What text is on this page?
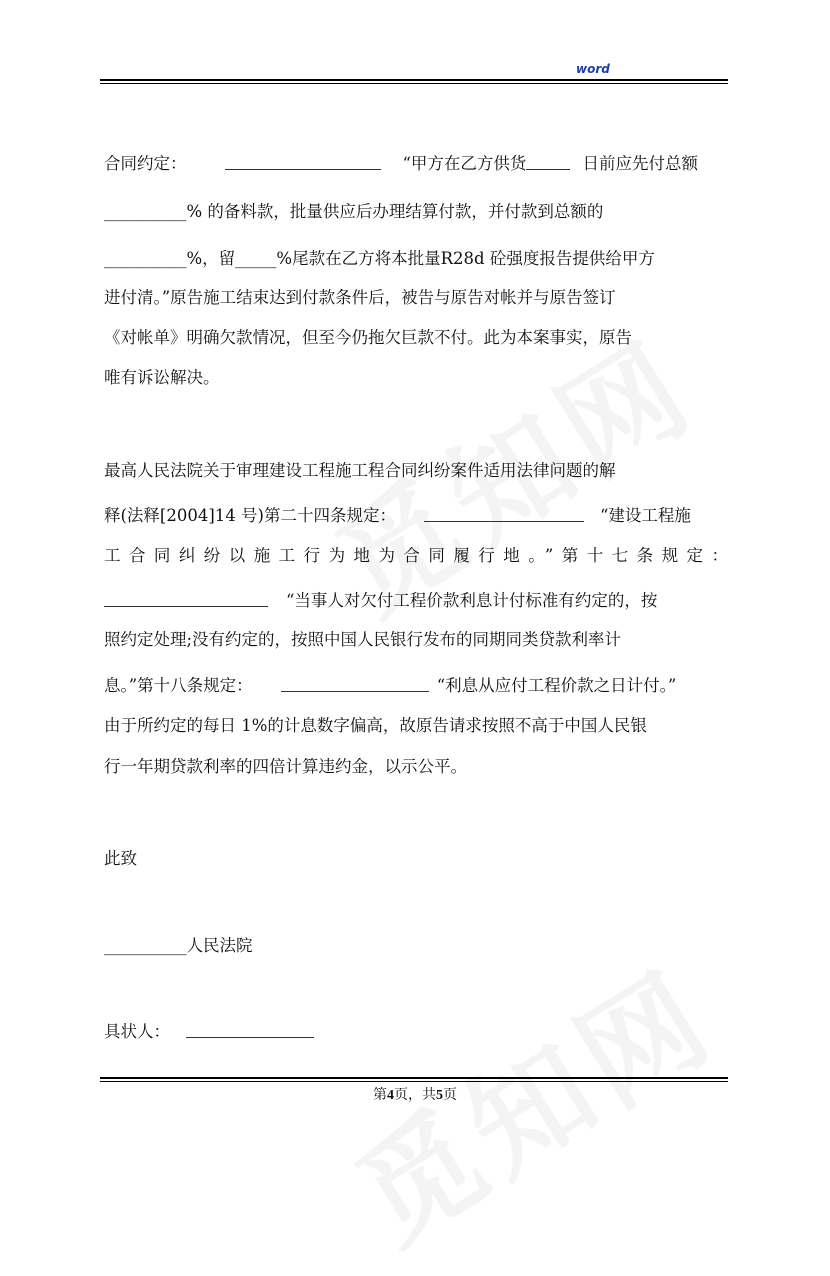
word
合同约定：	“甲方在乙方供货	日前应先付总额
__________% 的备料款，批量供应后办理结算付款，并付款到总额的
__________%，留_____%尾款在乙方将本批量R28d 砼强度报告提供给甲方
进付清。”原告施工结束达到付款条件后，被告与原告对帐并与原告签订
《对帐单》明确欠款情况，但至今仍拖欠巨款不付。此为本案事实，原告
唯有诉讼解决。
最高人民法院关于审理建设工程施工程合同纠纷案件适用法律问题的解
释(法释[2004]14 号)第二十四条规定：	“建设工程施
工合同纠纷以施工行为地为合同履行地。”第十七条规定：
“当事人对欠付工程价款利息计付标准有约定的，按
照约定处理;没有约定的，按照中国人民银行发布的同期同类贷款利率计
息。”第十八条规定：	“利息从应付工程价款之日计付。”
由于所约定的每日 1%的计息数字偏高，故原告请求按照不高于中国人民银
行一年期贷款利率的四倍计算违约金，以示公平。
此致
__________人民法院
具状人：
第4页，共5页
